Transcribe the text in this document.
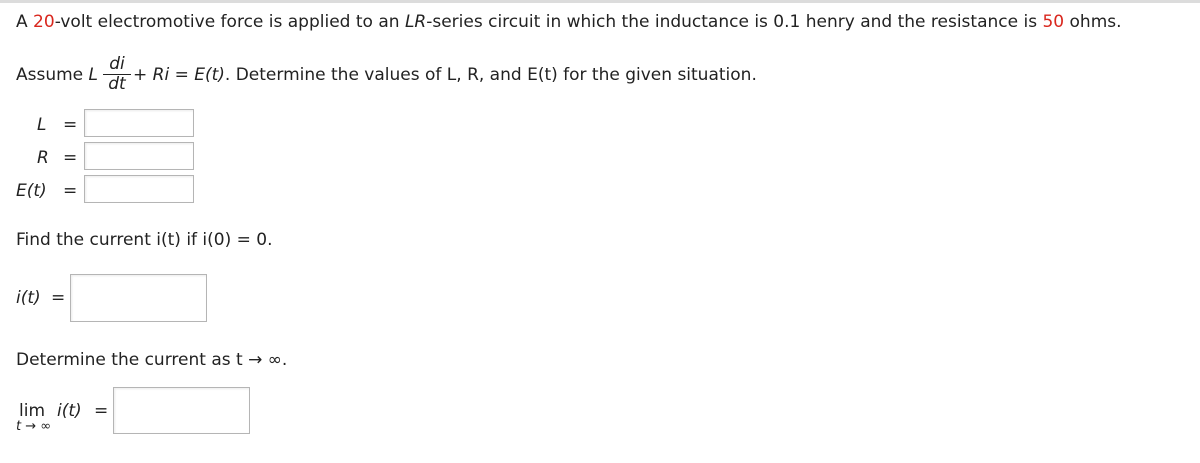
A 20-volt electromotive force is applied to an LR-series circuit in which the inductance is 0.1 henry and the resistance is 50 ohms.
Assume L $\frac{di}{dt} + Ri = E(t)$. Determine the values of L, R, and E(t) for the given situation.
L =
R =
E(t) =
Find the current i(t) if i(0) = 0.
i(t) =
Determine the current as t → ∞.
lim
t → ∞
i(t) =
